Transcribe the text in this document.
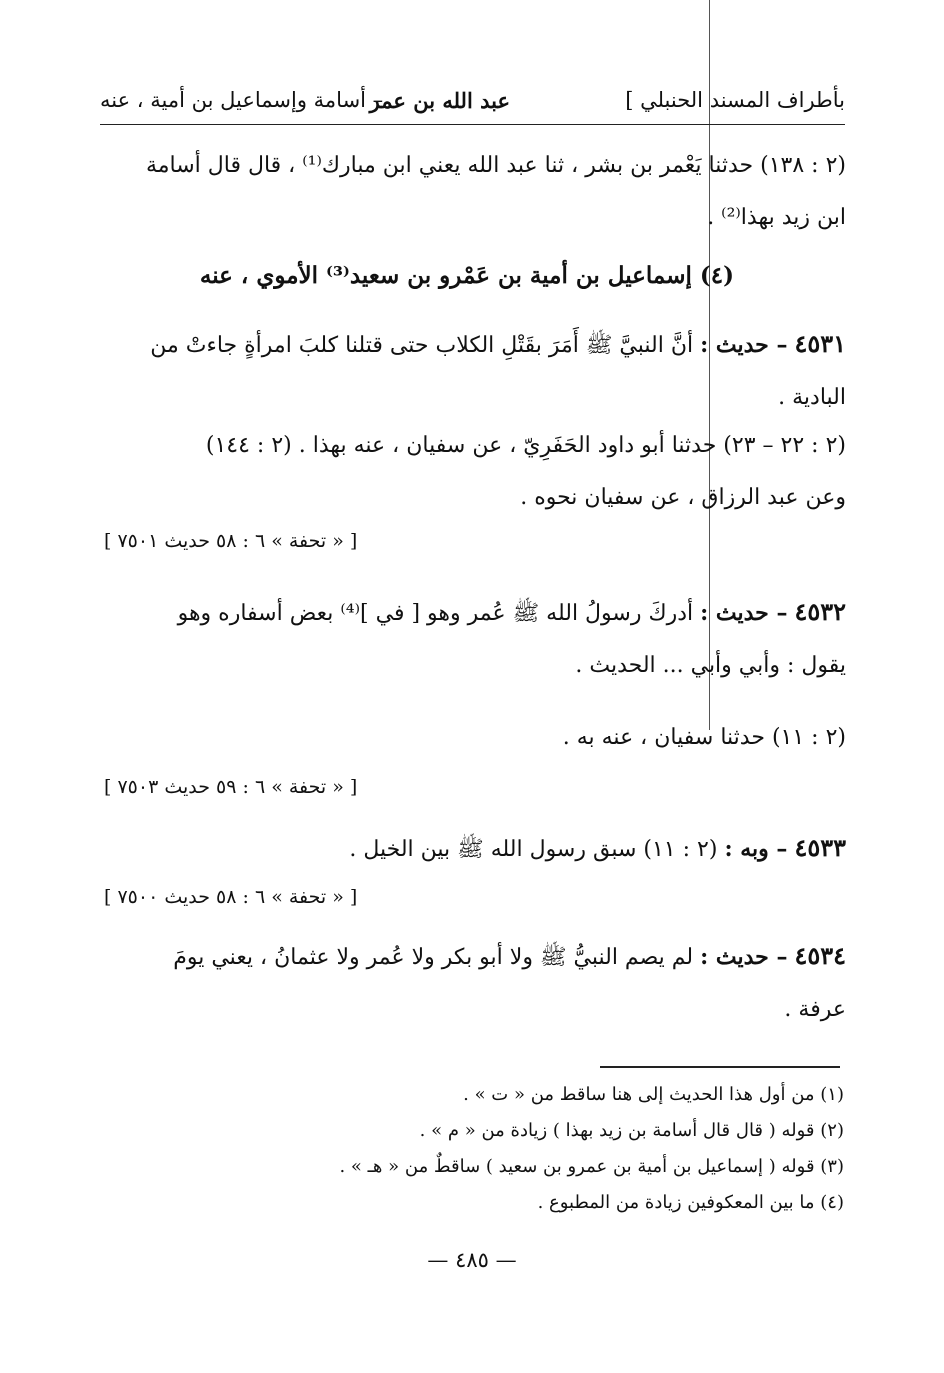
بأطراف المسند الحنبلي ]
عبد الله بن عمر
– أسامة وإسماعيل بن أمية ، عنه
(٢ : ١٣٨) حدثنا يَعْمر بن بشر ، ثنا عبد الله يعني ابن مبارك⁽¹⁾ ، قال قال أسامة
ابن زيد بهذا⁽²⁾ .
(٤) إسماعيل بن أمية بن عَمْرو بن سعيد⁽³⁾ الأموي ، عنه
٤٥٣١ – حديث : أنَّ النبيَّ ﷺ أَمَرَ بقَتْلِ الكلاب حتى قتلنا كلبَ امرأةٍ جاءتْ من
البادية .
(٢ : ٢٢ – ٢٣) حدثنا أبو داود الحَفَرِيّ ، عن سفيان ، عنه بهذا . (٢ : ١٤٤)
وعن عبد الرزاق ، عن سفيان نحوه .
[ « تحفة » ٦ : ٥٨ حديث ٧٥٠١ ]
٤٥٣٢ – حديث : أدركَ رسولُ الله ﷺ عُمر وهو [ في ]⁽⁴⁾ بعض أسفاره وهو
يقول : وأبي وأبي ... الحديث .
(٢ : ١١) حدثنا سفيان ، عنه به .
[ « تحفة » ٦ : ٥٩ حديث ٧٥٠٣ ]
٤٥٣٣ – وبه : (٢ : ١١) سبق رسول الله ﷺ بين الخيل .
[ « تحفة » ٦ : ٥٨ حديث ٧٥٠٠ ]
٤٥٣٤ – حديث : لم يصم النبيُّ ﷺ ولا أبو بكر ولا عُمر ولا عثمانُ ، يعني يومَ
عرفة .
(١) من أول هذا الحديث إلى هنا ساقط من « ت » .
(٢) قوله ( قال قال أسامة بن زيد بهذا ) زيادة من « م » .
(٣) قوله ( إسماعيل بن أمية بن عمرو بن سعيد ) ساقطٌ من « هـ » .
(٤) ما بين المعكوفين زيادة من المطبوع .
— ٤٨٥ —
